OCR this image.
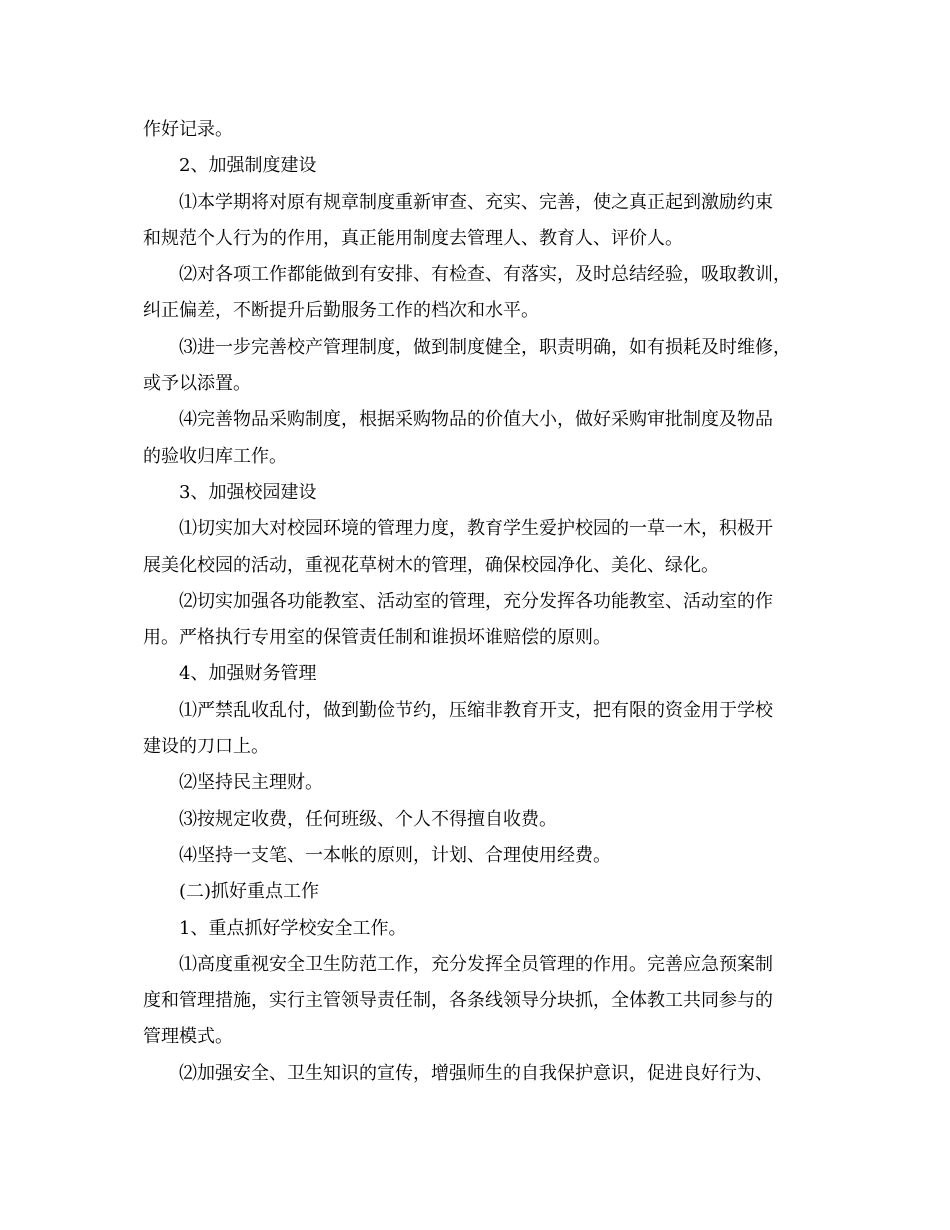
作好记录。
2、加强制度建设
⑴本学期将对原有规章制度重新审查、充实、完善，使之真正起到激励约束
和规范个人行为的作用，真正能用制度去管理人、教育人、评价人。
⑵对各项工作都能做到有安排、有检查、有落实，及时总结经验，吸取教训，
纠正偏差，不断提升后勤服务工作的档次和水平。
⑶进一步完善校产管理制度，做到制度健全，职责明确，如有损耗及时维修，
或予以添置。
⑷完善物品采购制度，根据采购物品的价值大小，做好采购审批制度及物品
的验收归库工作。
3、加强校园建设
⑴切实加大对校园环境的管理力度，教育学生爱护校园的一草一木，积极开
展美化校园的活动，重视花草树木的管理，确保校园净化、美化、绿化。
⑵切实加强各功能教室、活动室的管理，充分发挥各功能教室、活动室的作
用。严格执行专用室的保管责任制和谁损坏谁赔偿的原则。
4、加强财务管理
⑴严禁乱收乱付，做到勤俭节约，压缩非教育开支，把有限的资金用于学校
建设的刀口上。
⑵坚持民主理财。
⑶按规定收费，任何班级、个人不得擅自收费。
⑷坚持一支笔、一本帐的原则，计划、合理使用经费。
(二)抓好重点工作
1、重点抓好学校安全工作。
⑴高度重视安全卫生防范工作，充分发挥全员管理的作用。完善应急预案制
度和管理措施，实行主管领导责任制，各条线领导分块抓，全体教工共同参与的
管理模式。
⑵加强安全、卫生知识的宣传，增强师生的自我保护意识，促进良好行为、
